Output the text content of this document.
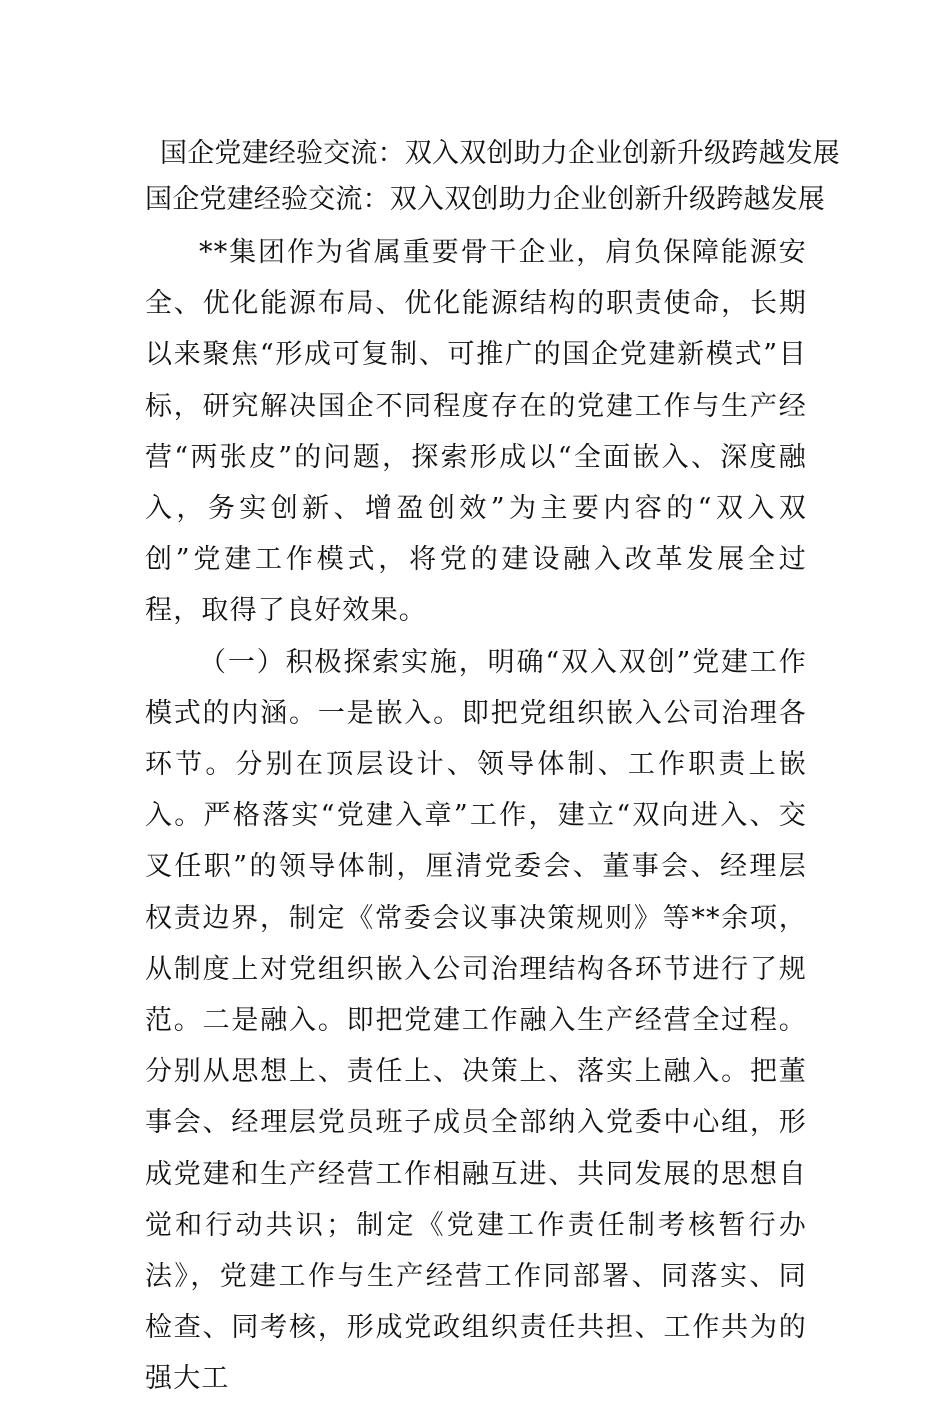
国企党建经验交流：双入双创助力企业创新升级跨越发展
国企党建经验交流：双入双创助力企业创新升级跨越发展

**集团作为省属重要骨干企业，肩负保障能源安全、优化能源布局、优化能源结构的职责使命，长期以来聚焦“形成可复制、可推广的国企党建新模式”目标，研究解决国企不同程度存在的党建工作与生产经营“两张皮”的问题，探索形成以“全面嵌入、深度融入，务实创新、增盈创效”为主要内容的“双入双创”党建工作模式，将党的建设融入改革发展全过程，取得了良好效果。

（一）积极探索实施，明确“双入双创”党建工作模式的内涵。一是嵌入。即把党组织嵌入公司治理各环节。分别在顶层设计、领导体制、工作职责上嵌入。严格落实“党建入章”工作，建立“双向进入、交叉任职”的领导体制，厘清党委会、董事会、经理层权责边界，制定《常委会议事决策规则》等**余项，从制度上对党组织嵌入公司治理结构各环节进行了规范。二是融入。即把党建工作融入生产经营全过程。分别从思想上、责任上、决策上、落实上融入。把董事会、经理层党员班子成员全部纳入党委中心组，形成党建和生产经营工作相融互进、共同发展的思想自觉和行动共识；制定《党建工作责任制考核暂行办法》，党建工作与生产经营工作同部署、同落实、同检查、同考核，形成党政组织责任共担、工作共为的强大工
